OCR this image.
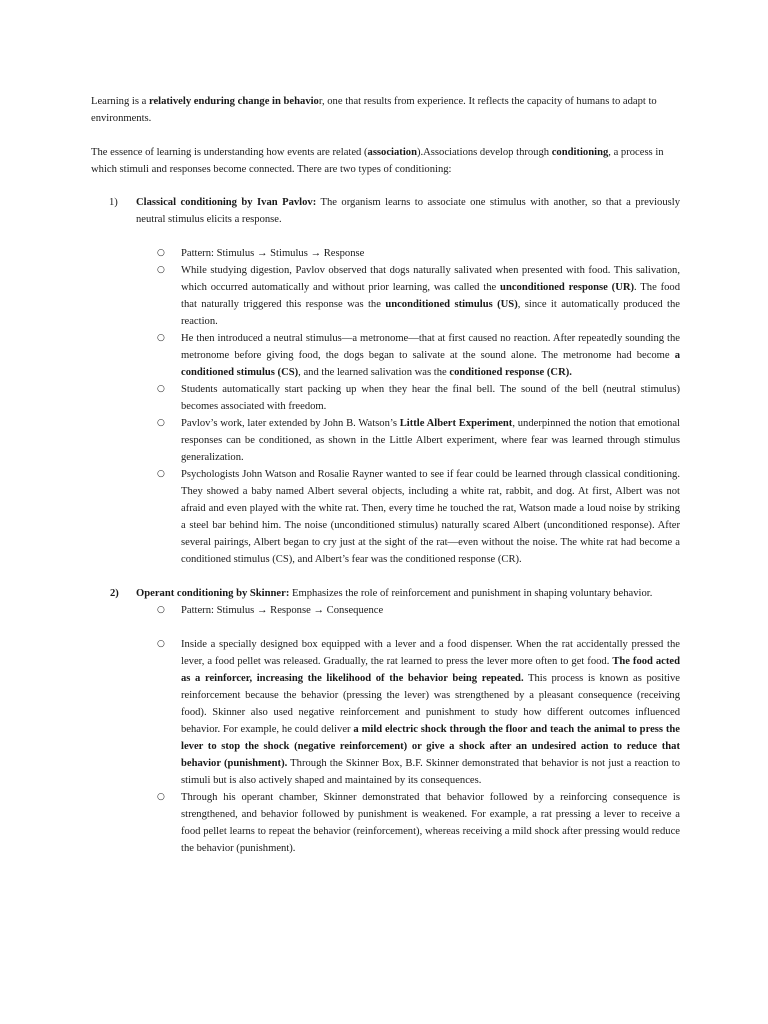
Learning is a relatively enduring change in behavior, one that results from experience. It reflects the capacity of humans to adapt to environments.

The essence of learning is understanding how events are related (association).Associations develop through conditioning, a process in which stimuli and responses become connected. There are two types of conditioning:

1) Classical conditioning by Ivan Pavlov: The organism learns to associate one stimulus with another, so that a previously neutral stimulus elicits a response.

○ Pattern: Stimulus → Stimulus → Response
○ While studying digestion, Pavlov observed that dogs naturally salivated when presented with food. This salivation, which occurred automatically and without prior learning, was called the unconditioned response (UR). The food that naturally triggered this response was the unconditioned stimulus (US), since it automatically produced the reaction.
○ He then introduced a neutral stimulus—a metronome—that at first caused no reaction. After repeatedly sounding the metronome before giving food, the dogs began to salivate at the sound alone. The metronome had become a conditioned stimulus (CS), and the learned salivation was the conditioned response (CR).
○ Students automatically start packing up when they hear the final bell. The sound of the bell (neutral stimulus) becomes associated with freedom.
○ Pavlov’s work, later extended by John B. Watson’s Little Albert Experiment, underpinned the notion that emotional responses can be conditioned, as shown in the Little Albert experiment, where fear was learned through stimulus generalization.
○ Psychologists John Watson and Rosalie Rayner wanted to see if fear could be learned through classical conditioning. They showed a baby named Albert several objects, including a white rat, rabbit, and dog. At first, Albert was not afraid and even played with the white rat. Then, every time he touched the rat, Watson made a loud noise by striking a steel bar behind him. The noise (unconditioned stimulus) naturally scared Albert (unconditioned response). After several pairings, Albert began to cry just at the sight of the rat—even without the noise. The white rat had become a conditioned stimulus (CS), and Albert’s fear was the conditioned response (CR).
2) Operant conditioning by Skinner: Emphasizes the role of reinforcement and punishment in shaping voluntary behavior.

○ Pattern: Stimulus → Response → Consequence
○ Inside a specially designed box equipped with a lever and a food dispenser. When the rat accidentally pressed the lever, a food pellet was released. Gradually, the rat learned to press the lever more often to get food. The food acted as a reinforcer, increasing the likelihood of the behavior being repeated. This process is known as positive reinforcement because the behavior (pressing the lever) was strengthened by a pleasant consequence (receiving food). Skinner also used negative reinforcement and punishment to study how different outcomes influenced behavior. For example, he could deliver a mild electric shock through the floor and teach the animal to press the lever to stop the shock (negative reinforcement) or give a shock after an undesired action to reduce that behavior (punishment). Through the Skinner Box, B.F. Skinner demonstrated that behavior is not just a reaction to stimuli but is also actively shaped and maintained by its consequences.
○ Through his operant chamber, Skinner demonstrated that behavior followed by a reinforcing consequence is strengthened, and behavior followed by punishment is weakened. For example, a rat pressing a lever to receive a food pellet learns to repeat the behavior (reinforcement), whereas receiving a mild shock after pressing would reduce the behavior (punishment).
